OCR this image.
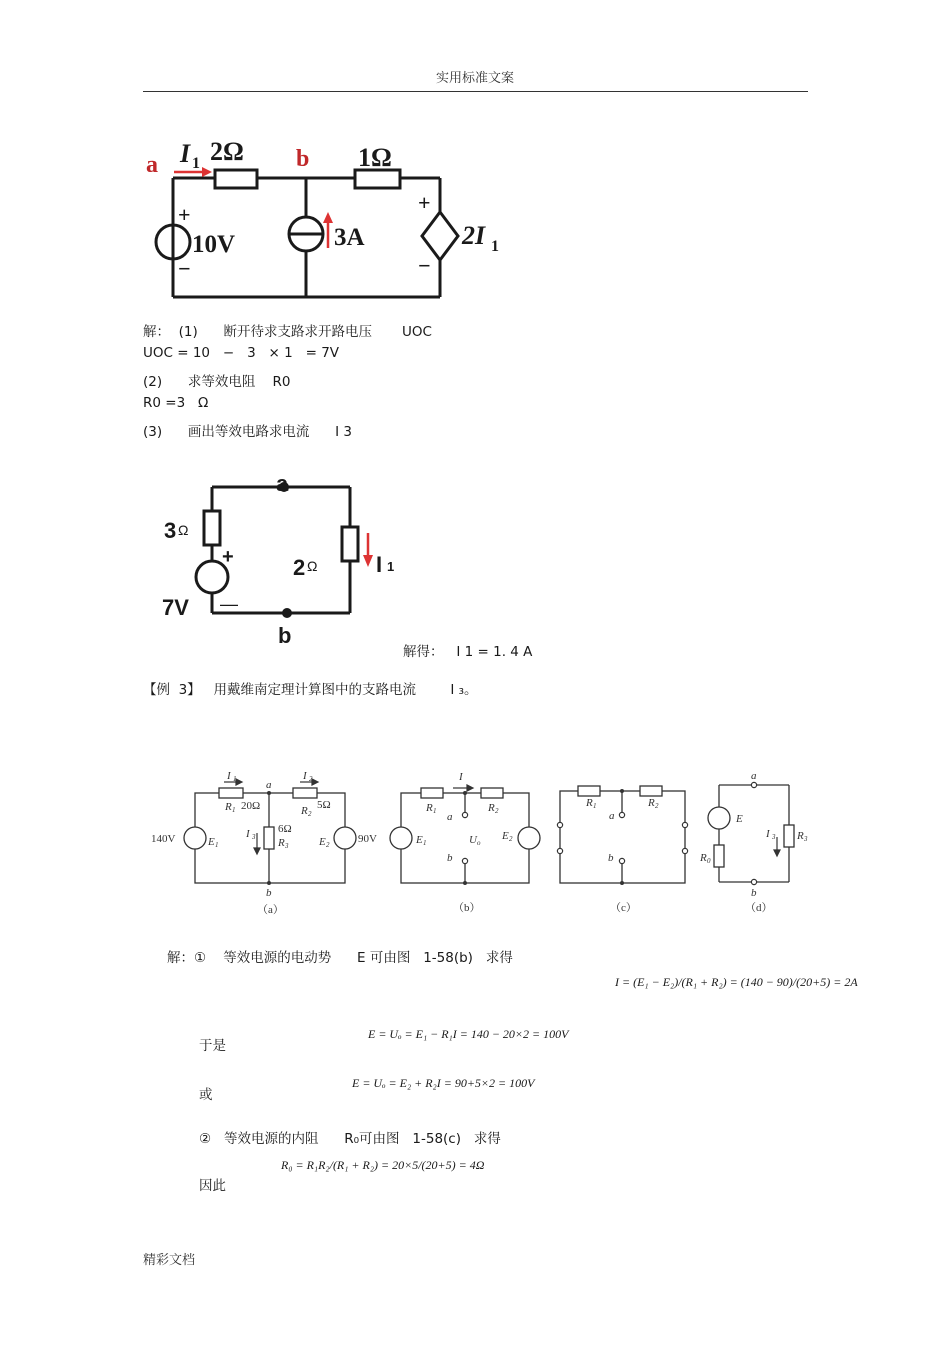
实用标准文案
a I 1 2Ω b 1Ω
+
10V
−
3A
+
−
2I 1
解：  (1)      断开待求支路求开路电压       UOC
UOC = 10   −   3   × 1   = 7V
(2)      求等效电阻    R0
R0 =3   Ω
(3)      画出等效电路求电流      I 3
a
b
3 Ω
+
—
7V
2 Ω	I 1
解得：   I 1 = 1. 4 A
【例  3】   用戴维南定理计算图中的支路电流        I ₃。
I 1	I 2
a
b
R 1 20Ω	R 2
5Ω
6Ω
R 3
I 3
140V	E 1	E 2	90V
I
R 1	R 2
a
b
U o
E 1
E 2
R 1	R 2
a
b
a
b
E
R 0
I 3 R 3
（a）	（b）	（c）	（d）
解：①    等效电源的电动势      E 可由图   1-58(b)   求得
I = (E₁ − E₂)/(R₁ + R₂) = (140 − 90)/(20+5) = 2A
于是
E = Uₒ = E₁ − R₁I = 140 − 20×2 = 100V
或
E = Uₒ = E₂ + R₂I = 90+5×2 = 100V
②   等效电源的内阻      R₀可由图   1-58(c)   求得
因此
R₀ = R₁R₂/(R₁ + R₂) = 20×5/(20+5) = 4Ω
精彩文档
